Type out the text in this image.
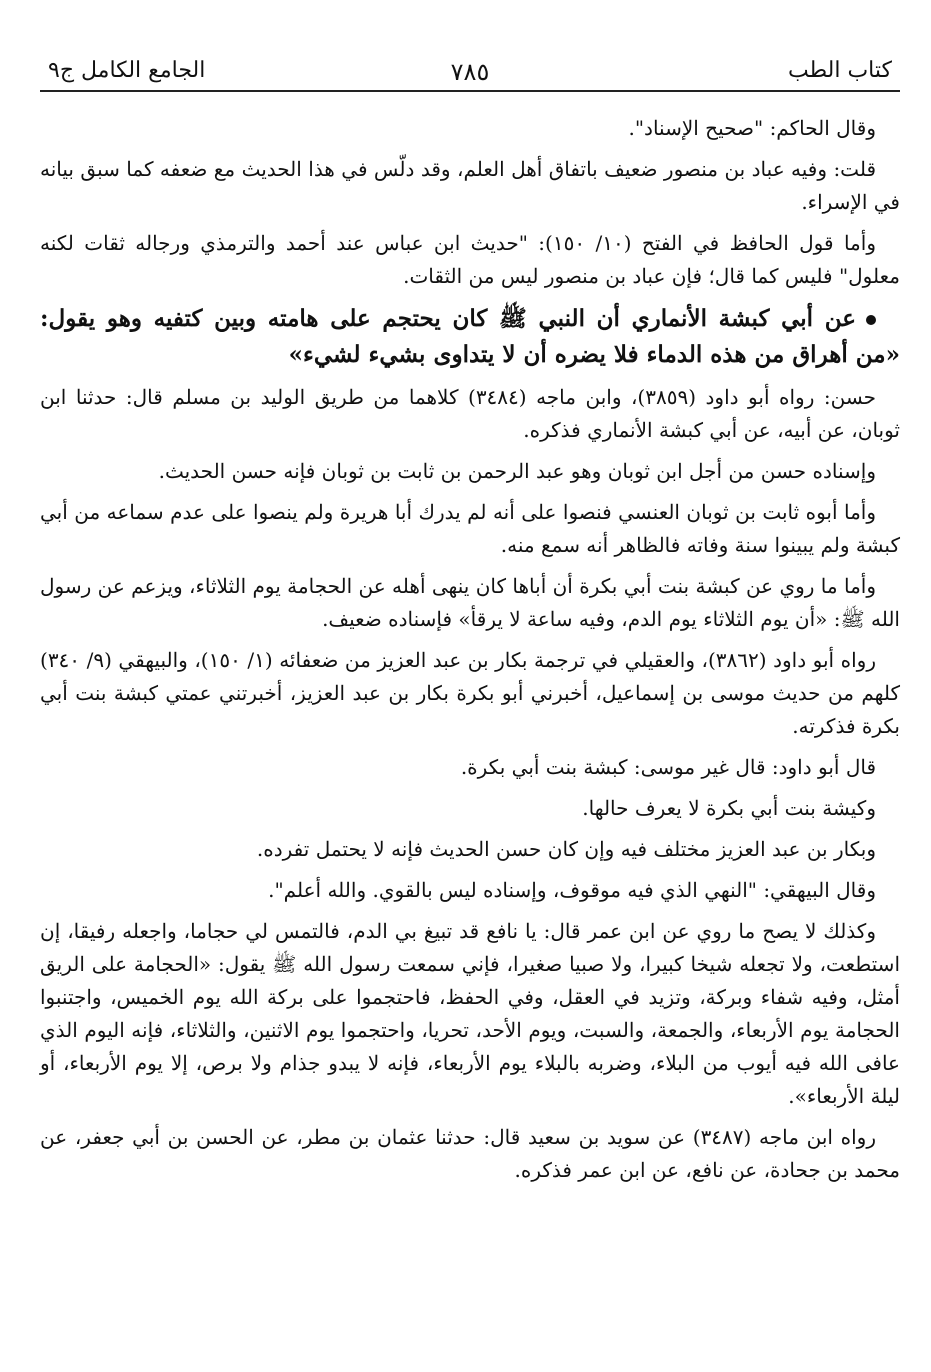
كتاب الطب
٧٨٥
الجامع الكامل ج٩

وقال الحاكم: "صحيح الإسناد".

قلت: وفيه عباد بن منصور ضعيف باتفاق أهل العلم، وقد دلّس في هذا الحديث مع ضعفه كما سبق بيانه في الإسراء.

وأما قول الحافظ في الفتح (١٠/ ١٥٠): "حديث ابن عباس عند أحمد والترمذي ورجاله ثقات لكنه معلول" فليس كما قال؛ فإن عباد بن منصور ليس من الثقات.

عن أبي كبشة الأنماري أن النبي ﷺ كان يحتجم على هامته وبين كتفيه وهو يقول: «من أهراق من هذه الدماء فلا يضره أن لا يتداوى بشيء لشيء»

حسن: رواه أبو داود (٣٨٥٩)، وابن ماجه (٣٤٨٤) كلاهما من طريق الوليد بن مسلم قال: حدثنا ابن ثوبان، عن أبيه، عن أبي كبشة الأنماري فذكره.

وإسناده حسن من أجل ابن ثوبان وهو عبد الرحمن بن ثابت بن ثوبان فإنه حسن الحديث.

وأما أبوه ثابت بن ثوبان العنسي فنصوا على أنه لم يدرك أبا هريرة ولم ينصوا على عدم سماعه من أبي كبشة ولم يبينوا سنة وفاته فالظاهر أنه سمع منه.

وأما ما روي عن كبشة بنت أبي بكرة أن أباها كان ينهى أهله عن الحجامة يوم الثلاثاء، ويزعم عن رسول الله ﷺ: «أن يوم الثلاثاء يوم الدم، وفيه ساعة لا يرقأ» فإسناده ضعيف.

رواه أبو داود (٣٨٦٢)، والعقيلي في ترجمة بكار بن عبد العزيز من ضعفائه (١/ ١٥٠)، والبيهقي (٩/ ٣٤٠) كلهم من حديث موسى بن إسماعيل، أخبرني أبو بكرة بكار بن عبد العزيز، أخبرتني عمتي كبشة بنت أبي بكرة فذكرته.

قال أبو داود: قال غير موسى: كبشة بنت أبي بكرة.

وكيشة بنت أبي بكرة لا يعرف حالها.

وبكار بن عبد العزيز مختلف فيه وإن كان حسن الحديث فإنه لا يحتمل تفرده.

وقال البيهقي: "النهي الذي فيه موقوف، وإسناده ليس بالقوي. والله أعلم".

وكذلك لا يصح ما روي عن ابن عمر قال: يا نافع قد تبيغ بي الدم، فالتمس لي حجاما، واجعله رفيقا، إن استطعت، ولا تجعله شيخا كبيرا، ولا صبيا صغيرا، فإني سمعت رسول الله ﷺ يقول: «الحجامة على الريق أمثل، وفيه شفاء وبركة، وتزيد في العقل، وفي الحفظ، فاحتجموا على بركة الله يوم الخميس، واجتنبوا الحجامة يوم الأربعاء، والجمعة، والسبت، ويوم الأحد، تحريا، واحتجموا يوم الاثنين، والثلاثاء، فإنه اليوم الذي عافى الله فيه أيوب من البلاء، وضربه بالبلاء يوم الأربعاء، فإنه لا يبدو جذام ولا برص، إلا يوم الأربعاء، أو ليلة الأربعاء».

رواه ابن ماجه (٣٤٨٧) عن سويد بن سعيد قال: حدثنا عثمان بن مطر، عن الحسن بن أبي جعفر، عن محمد بن جحادة، عن نافع، عن ابن عمر فذكره.
